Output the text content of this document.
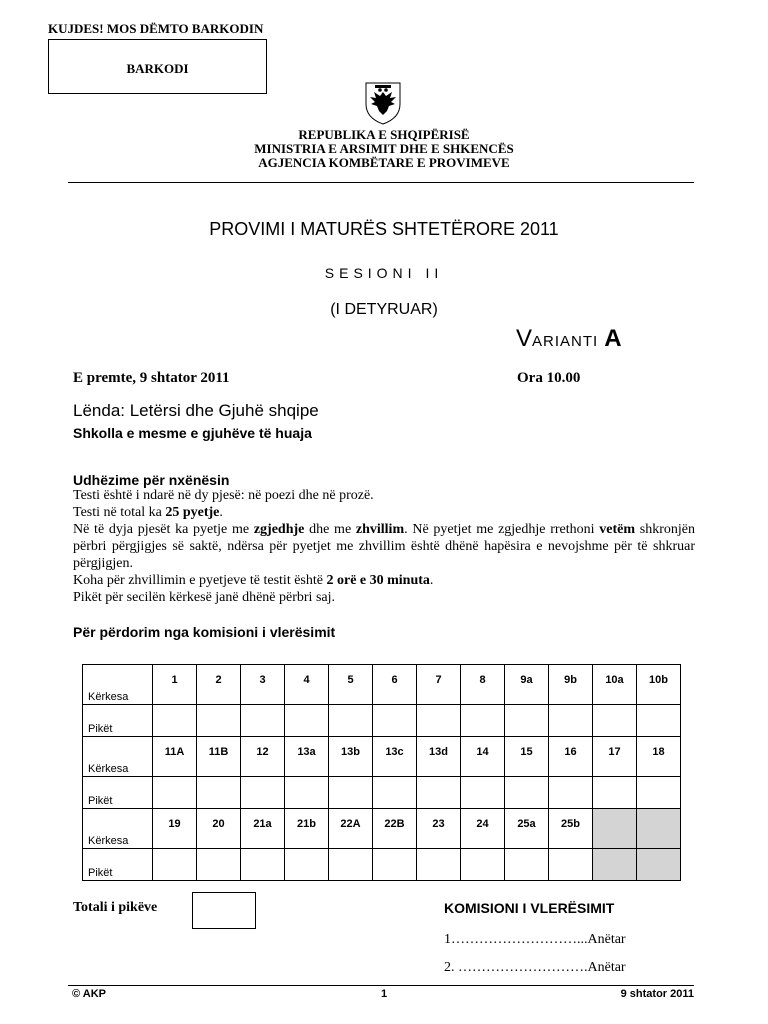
KUJDES! MOS DËMTO BARKODIN
BARKODI
REPUBLIKA E SHQIPËRISË
MINISTRIA E ARSIMIT DHE E SHKENCËS
AGJENCIA KOMBËTARE E PROVIMEVE
PROVIMI I MATURËS SHTETËRORE 2011
SESIONI II
(I DETYRUAR)
VARIANTI A
E premte, 9 shtator 2011	Ora 10.00
Lënda: Letërsi dhe Gjuhë shqipe
Shkolla e mesme e gjuhëve të huaja
Udhëzime për nxënësin

Testi është i ndarë në dy pjesë: në poezi dhe në prozë.

Testi në total ka 25 pyetje.

Në të dyja pjesët ka pyetje me zgjedhje dhe me zhvillim. Në pyetjet me zgjedhje rrethoni vetëm shkronjën përbri përgjigjes së saktë, ndërsa për pyetjet me zhvillim është dhënë hapësira e nevojshme për të shkruar përgjigjen.

Koha për zhvillimin e pyetjeve të testit është 2 orë e 30 minuta.

Pikët për secilën kërkesë janë dhënë përbri saj.

Për përdorim nga komisioni i vlerësimit
Kërkesa	1	2	3	4	5	6	7	8	9a	9b	10a	10b
Pikët												
Kërkesa	11A	11B	12	13a	13b	13c	13d	14	15	16	17	18
Pikët												
Kërkesa	19	20	21a	21b	22A	22B	23	24	25a	25b		
Pikët												
Totali i pikëve	KOMISIONI I VLERËSIMIT
1………………………...Anëtar
2. ……………………….Anëtar
© AKP	1	9 shtator 2011
